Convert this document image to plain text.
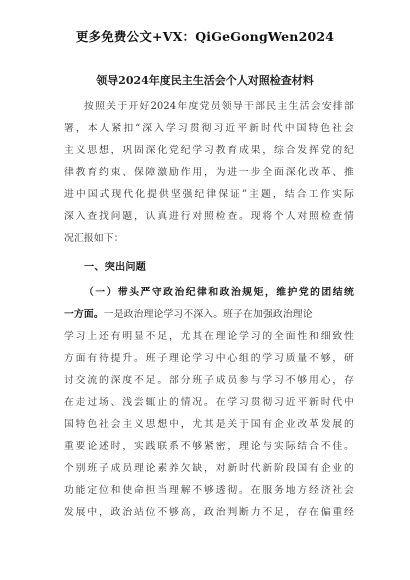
更多免费公文+VX：QiGeGongWen2024
领导2024年度民主生活会个人对照检查材料
按照关于开好2024年度党员领导干部民主生活会安排部
署，本人紧扣“深入学习贯彻习近平新时代中国特色社会
主义思想，巩固深化党纪学习教育成果，综合发挥党的纪
律教育约束、保障激励作用，为进一步全面深化改革、推
进中国式现代化提供坚强纪律保证”主题，结合工作实际
深入查找问题，认真进行对照检查。现将个人对照检查情
况汇报如下：
一、突出问题
（一）带头严守政治纪律和政治规矩，维护党的团结统
一方面。一是政治理论学习不深入。班子在加强政治理论
学习上还有明显不足，尤其在理论学习的全面性和细致性
方面有待提升。班子理论学习中心组的学习质量不够，研
讨交流的深度不足。部分班子成员参与学习不够用心，存
在走过场、浅尝辄止的情况。在学习贯彻习近平新时代中
国特色社会主义思想中，尤其是关于国有企业改革发展的
重要论述时，实践联系不够紧密，理论与实际结合不佳。
个别班子成员理论素养欠缺，对新时代新阶段国有企业的
功能定位和使命担当理解不够透彻。在服务地方经济社会
发展中，政治站位不够高，政治判断力不足，存在偏重经
